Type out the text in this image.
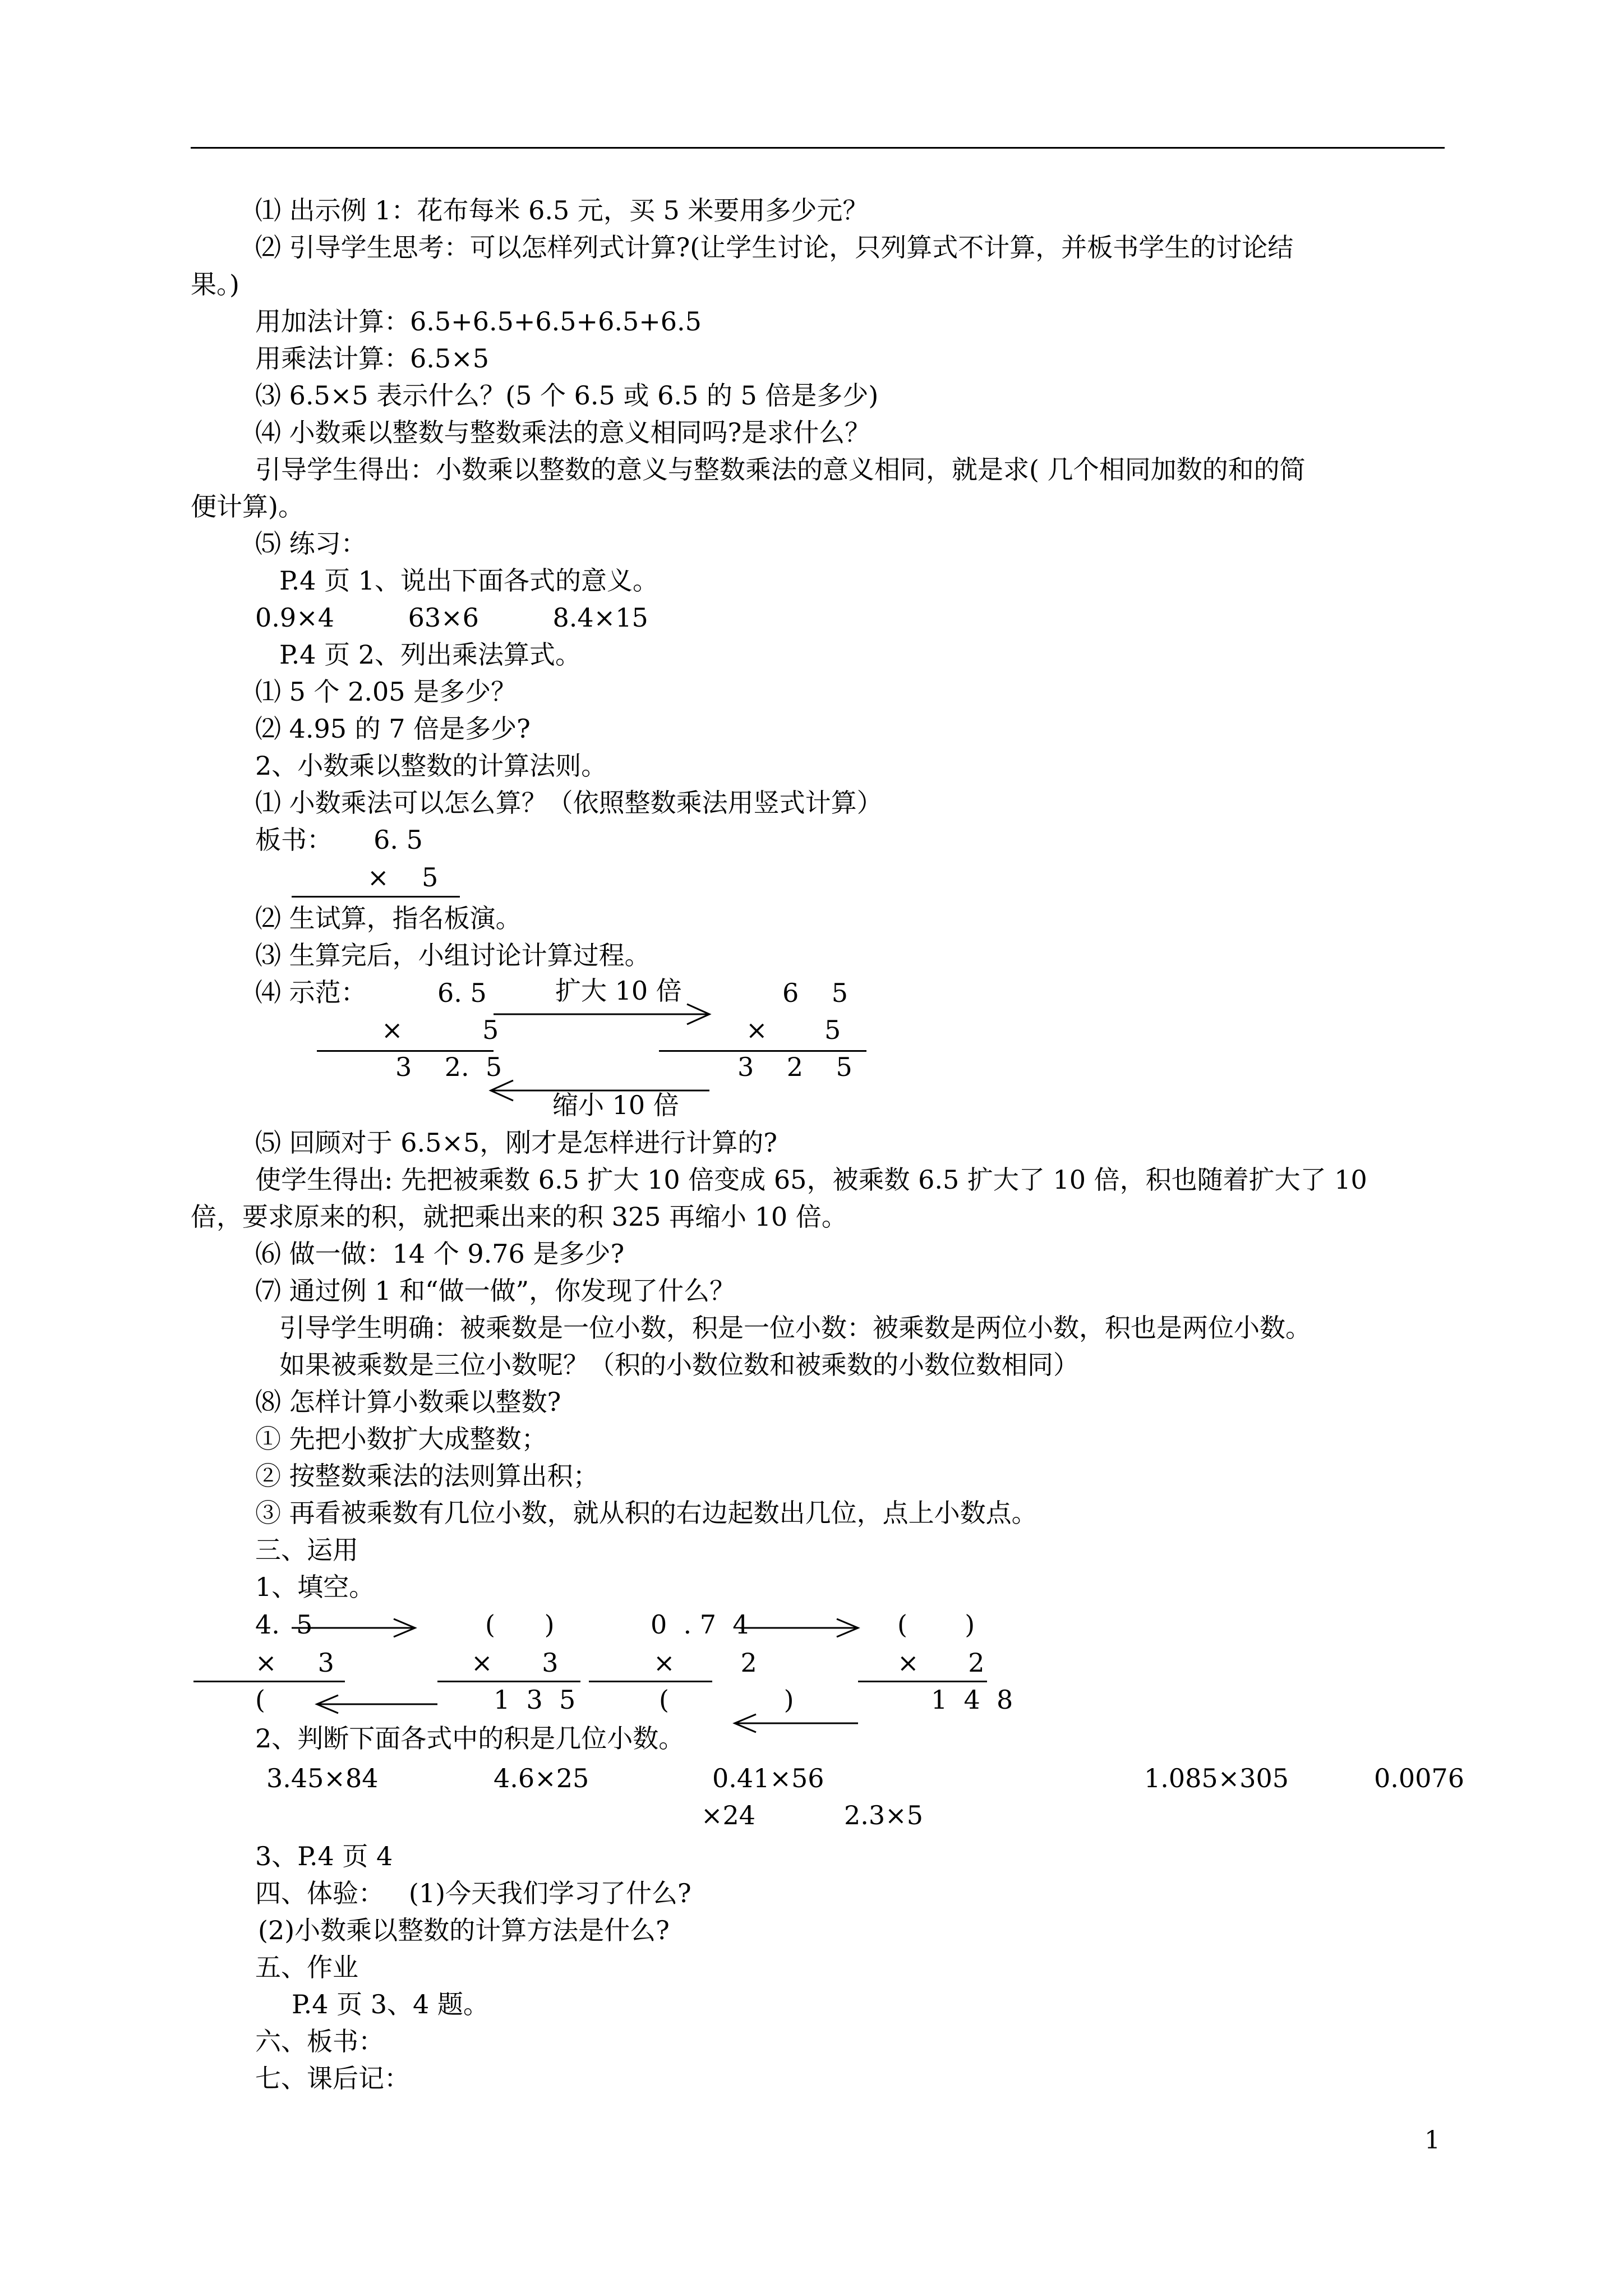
⑴ 出示例 1：花布每米 6.5 元，买 5 米要用多少元？
⑵ 引导学生思考：可以怎样列式计算?(让学生讨论，只列算式不计算，并板书学生的讨论结
果。)
用加法计算：6.5+6.5+6.5+6.5+6.5
用乘法计算：6.5×5
⑶ 6.5×5 表示什么？(5 个 6.5 或 6.5 的 5 倍是多少)
⑷ 小数乘以整数与整数乘法的意义相同吗?是求什么？
引导学生得出：小数乘以整数的意义与整数乘法的意义相同，就是求( 几个相同加数的和的简
便计算)。
⑸ 练习：
P.4 页 1、说出下面各式的意义。
0.9×4         63×6         8.4×15
P.4 页 2、列出乘法算式。
⑴ 5 个 2.05 是多少？
⑵ 4.95 的 7 倍是多少?
2、小数乘以整数的计算法则。
⑴ 小数乘法可以怎么算？（依照整数乘法用竖式计算）
板书：     6. 5
×    5
⑵ 生试算，指名板演。
⑶ 生算完后，小组讨论计算过程。
⑷ 示范：	6. 5	扩大 10 倍	6    5
×	5	× 5
3    2.  5	3    2    5
缩小 10 倍
⑸ 回顾对于 6.5×5，刚才是怎样进行计算的?
使学生得出: 先把被乘数 6.5 扩大 10 倍变成 65，被乘数 6.5 扩大了 10 倍，积也随着扩大了 10
倍，要求原来的积，就把乘出来的积 325 再缩小 10 倍。
⑹ 做一做：14 个 9.76 是多少?
⑺ 通过例 1 和“做一做”，你发现了什么？
引导学生明确：被乘数是一位小数，积是一位小数：被乘数是两位小数，积也是两位小数。
如果被乘数是三位小数呢？（积的小数位数和被乘数的小数位数相同）
⑻ 怎样计算小数乘以整数?
① 先把小数扩大成整数；
② 按整数乘法的法则算出积；
③ 再看被乘数有几位小数，就从积的右边起数出几位，点上小数点。
三、运用
1、填空。
4.  5	(      )	0  . 7  4	(       )
×     3	×      3	×        2	×      2
(	1  3  5	(              )	1  4  8
2、判断下面各式中的积是几位小数。
3.45×84	4.6×25	0.41×56	1.085×305	0.0076
×24	2.3×5
3、P.4 页 4
四、体验：   (1)今天我们学习了什么?
(2)小数乘以整数的计算方法是什么?
五、作业
P.4 页 3、4 题。
六、板书：
七、课后记：
1
